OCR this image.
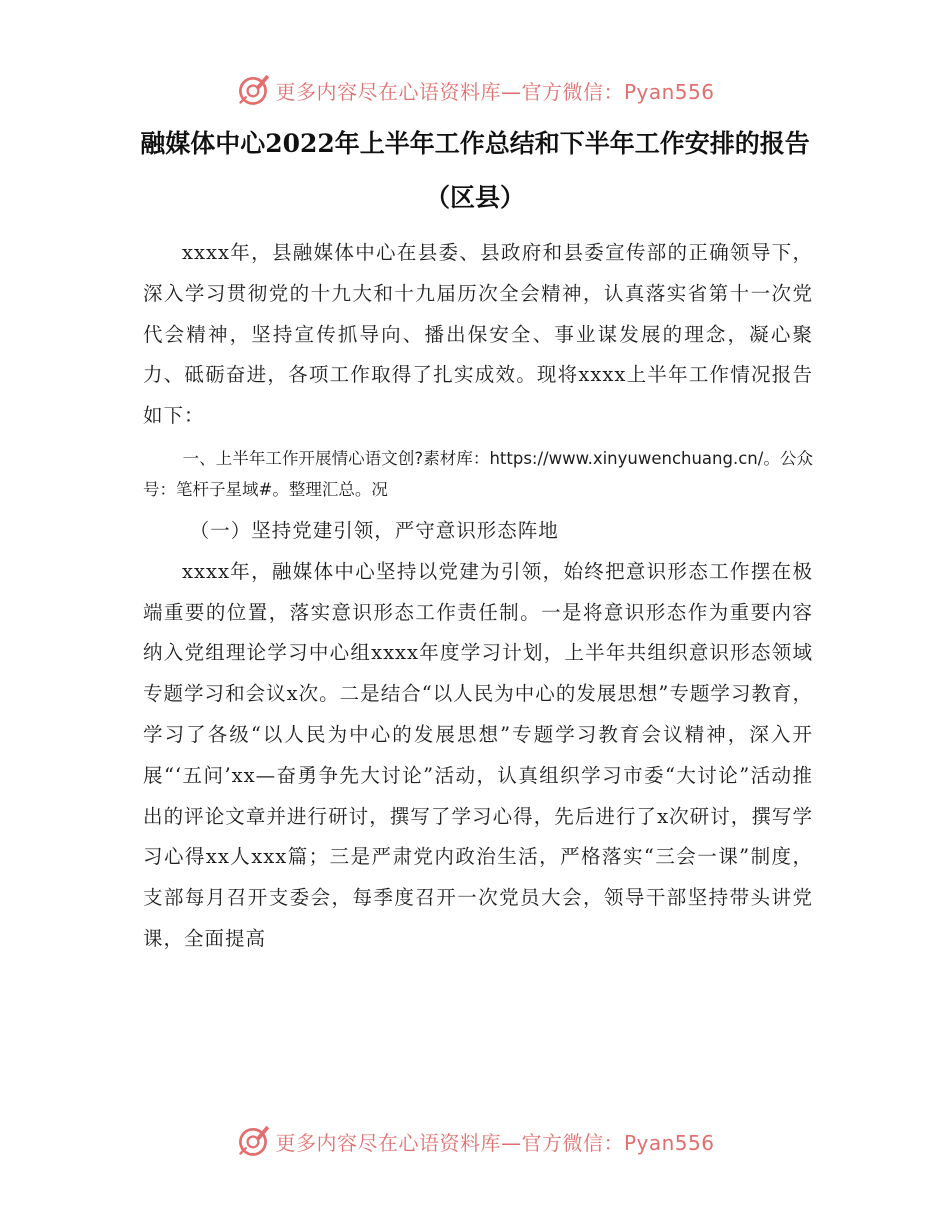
更多内容尽在心语资料库—官方微信：Pyan556
融媒体中心2022年上半年工作总结和下半年工作安排的报告
（区县）

xxxx年，县融媒体中心在县委、县政府和县委宣传部的正确领导下，深入学习贯彻党的十九大和十九届历次全会精神，认真落实省第十一次党代会精神，坚持宣传抓导向、播出保安全、事业谋发展的理念，凝心聚力、砥砺奋进，各项工作取得了扎实成效。现将xxxx上半年工作情况报告如下：

一、上半年工作开展情心语文创?素材库：https://www.xinyuwenchuang.cn/。公众号：笔杆子星域#。整理汇总。况

（一）坚持党建引领，严守意识形态阵地

xxxx年，融媒体中心坚持以党建为引领，始终把意识形态工作摆在极端重要的位置，落实意识形态工作责任制。一是将意识形态作为重要内容纳入党组理论学习中心组xxxx年度学习计划，上半年共组织意识形态领域专题学习和会议x次。二是结合“以人民为中心的发展思想”专题学习教育，学习了各级“以人民为中心的发展思想”专题学习教育会议精神，深入开展“‘五问’xx—奋勇争先大讨论”活动，认真组织学习市委“大讨论”活动推出的评论文章并进行研讨，撰写了学习心得，先后进行了x次研讨，撰写学习心得xx人xxx篇；三是严肃党内政治生活，严格落实“三会一课”制度，支部每月召开支委会，每季度召开一次党员大会，领导干部坚持带头讲党课，全面提高

更多内容尽在心语资料库—官方微信：Pyan556
